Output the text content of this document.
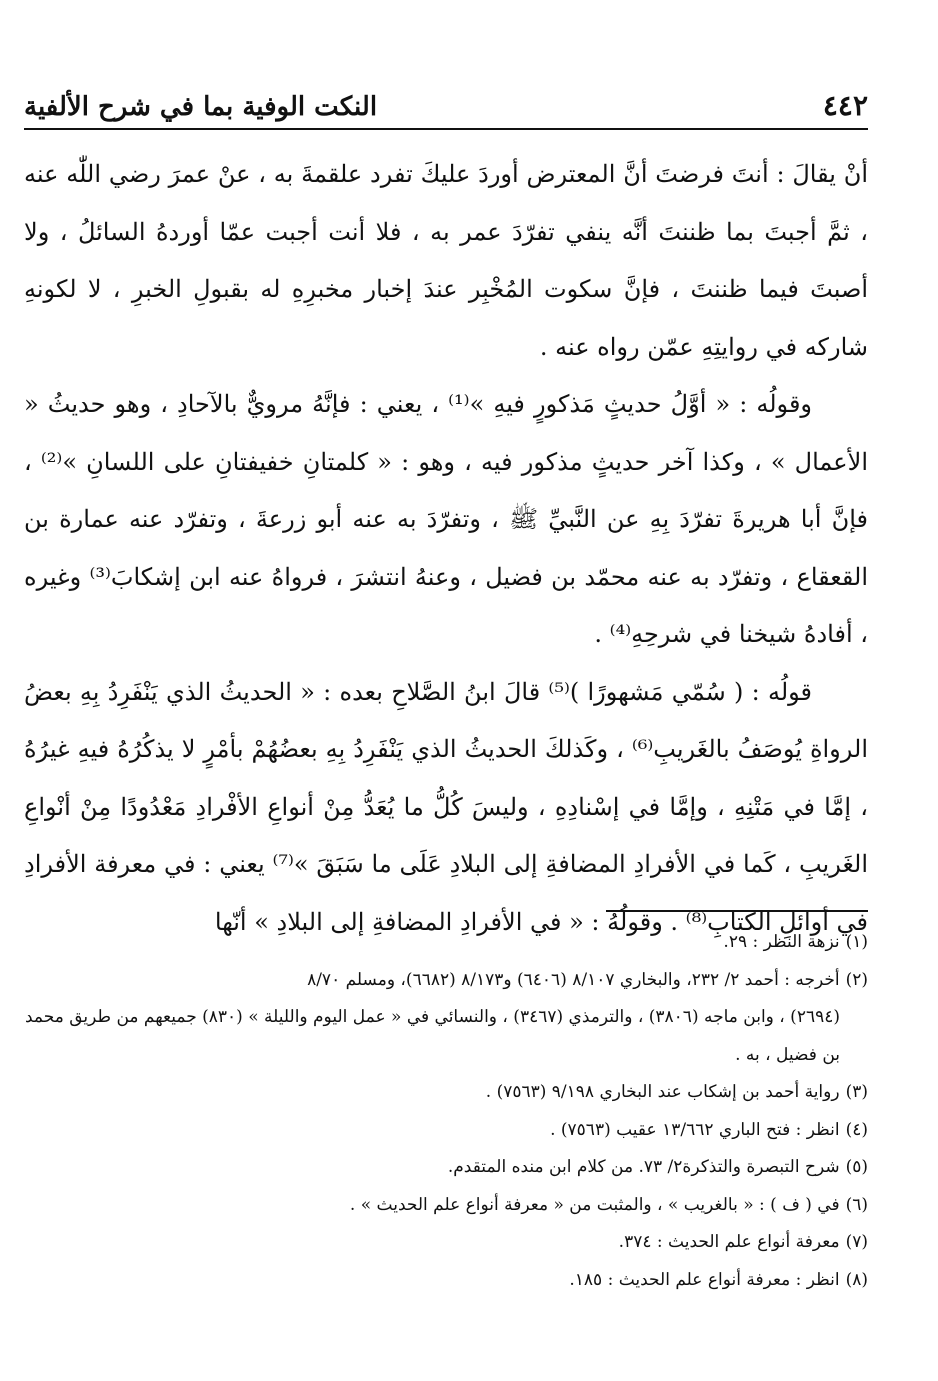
٤٤٢
النكت الوفية بما في شرح الألفية

أنْ يقالَ : أنتَ فرضتَ أنَّ المعترض أوردَ عليكَ تفرد علقمةَ به ، عنْ عمرَ رضي اللّٰه عنه ، ثمَّ أجبتَ بما ظننتَ أنَّه ينفي تفرّدَ عمر به ، فلا أنت أجبت عمّا أوردهُ السائلُ ، ولا أصبتَ فيما ظننتَ ، فإنَّ سكوت المُخْبِر عندَ إخبار مخبرِهِ له بقبولِ الخبرِ ، لا لكونهِ شاركه في روايتِهِ عمّن رواه عنه .

وقولُه : « أوَّلُ حديثٍ مَذكورٍ فيهِ »⁽¹⁾ ، يعني : فإنَّهُ مرويٌّ بالآحادِ ، وهو حديثُ « الأعمال » ، وكذا آخر حديثٍ مذكور فيه ، وهو : « كلمتانِ خفيفتانِ على اللسانِ »⁽²⁾ ، فإنَّ أبا هريرةَ تفرّدَ بِهِ عن النَّبيِّ ﷺ ، وتفرّدَ به عنه أبو زرعةَ ، وتفرّد عنه عمارة بن القعقاع ، وتفرّد به عنه محمّد بن فضيل ، وعنهُ انتشرَ ، فرواهُ عنه ابن إشكابَ⁽³⁾ وغيره ، أفادهُ شيخنا في شرحِهِ⁽⁴⁾ .

قولُه : ( سُمّي مَشهورًا )⁽⁵⁾ قالَ ابنُ الصَّلاحِ بعده : « الحديثُ الذي يَنْفَرِدُ بِهِ بعضُ الرواةِ يُوصَفُ بالغَريبِ⁽⁶⁾ ، وكَذلكَ الحديثُ الذي يَنْفَرِدُ بِهِ بعضُهُمْ بأمْرٍ لا يذكُرُهُ فيهِ غيرُهُ ، إمَّا في مَتْنِهِ ، وإمَّا في إسْنادِهِ ، وليسَ كُلُّ ما يُعَدُّ مِنْ أنواعِ الأفْرادِ مَعْدُودًا مِنْ أنْواعِ الغَريبِ ، كَما في الأفرادِ المضافةِ إلى البلادِ عَلَى ما سَبَقَ »⁽⁷⁾ يعني : في معرفة الأفرادِ في أوائلِ الكتابِ⁽⁸⁾ . وقولُهُ : « في الأفرادِ المضافةِ إلى البلادِ » أنّها

(١)نزهة النظر : ٢٩.

(٢)أخرجه : أحمد ٢/ ٢٣٢، والبخاري ٨/١٠٧ (٦٤٠٦) و٨/١٧٣ (٦٦٨٢)، ومسلم ٨/٧٠
(٢٦٩٤) ، وابن ماجه (٣٨٠٦) ، والترمذي (٣٤٦٧) ، والنسائي في « عمل اليوم والليلة » (٨٣٠) جميعهم من طريق محمد بن فضيل ، به .

(٣)رواية أحمد بن إشكاب عند البخاري ٩/١٩٨ (٧٥٦٣) .

(٤)انظر : فتح الباري ١٣/٦٦٢ عقيب (٧٥٦٣) .

(٥)شرح التبصرة والتذكرة٢/ ٧٣. من كلام ابن منده المتقدم.

(٦)في ( ف ) : « بالغريب » ، والمثبت من « معرفة أنواع علم الحديث » .

(٧)معرفة أنواع علم الحديث : ٣٧٤.

(٨)انظر : معرفة أنواع علم الحديث : ١٨٥.
